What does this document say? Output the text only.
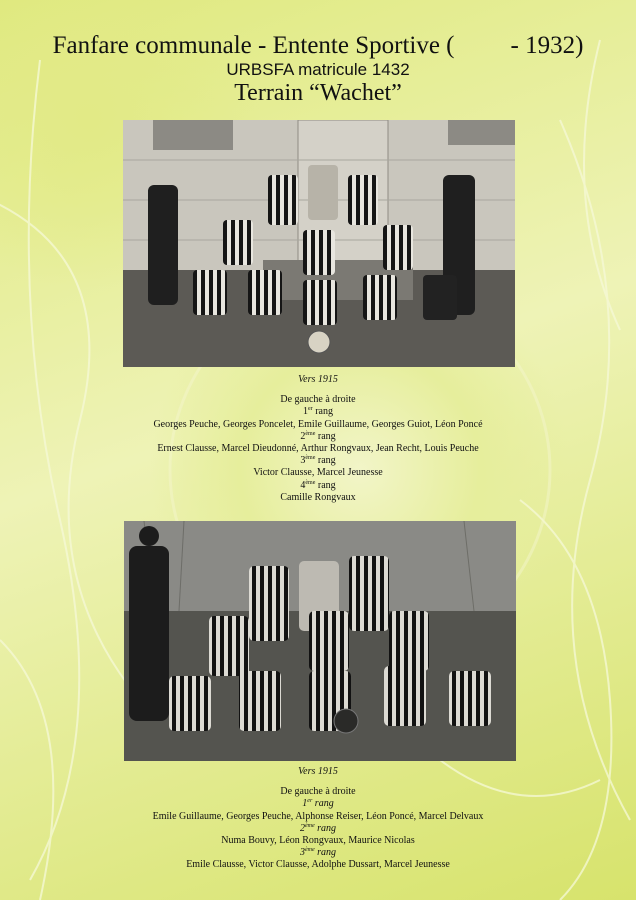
Fanfare communale - Entente Sportive ( - 1932)
URBSFA matricule 1432
Terrain “Wachet”
Vers 1915
De gauche à droite
1er rang
Georges Peuche, Georges Poncelet, Emile Guillaume, Georges Guiot, Léon Poncé
2ème rang
Ernest Clausse, Marcel Dieudonné, Arthur Rongvaux, Jean Recht, Louis Peuche
3ème rang
Victor Clausse, Marcel Jeunesse
4ème rang
Camille Rongvaux
Vers 1915
De gauche à droite
1er rang
Emile Guillaume, Georges Peuche, Alphonse Reiser, Léon Poncé, Marcel Delvaux
2ème rang
Numa Bouvy, Léon Rongvaux, Maurice Nicolas
3ème rang
Emile Clausse, Victor Clausse, Adolphe Dussart, Marcel Jeunesse
